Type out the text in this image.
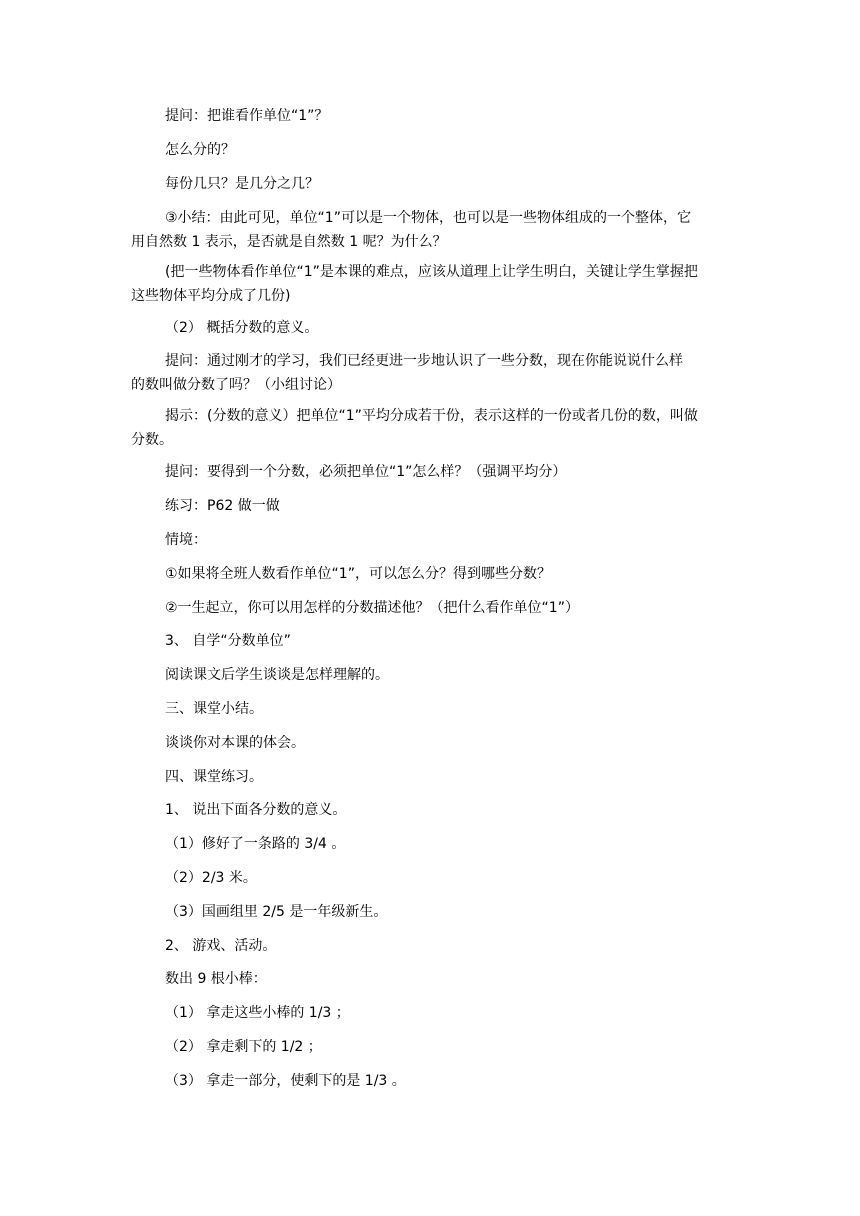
提问：把谁看作单位“1”？

怎么分的？

每份几只？是几分之几？

③小结：由此可见，单位“1”可以是一个物体，也可以是一些物体组成的一个整体，它
用自然数 1 表示，是否就是自然数 1 呢？为什么？

(把一些物体看作单位“1”是本课的难点，应该从道理上让学生明白，关键让学生掌握把
这些物体平均分成了几份)

（2） 概括分数的意义。

提问：通过刚才的学习，我们已经更进一步地认识了一些分数，现在你能说说什么样
的数叫做分数了吗？（小组讨论）

揭示：(分数的意义）把单位“1”平均分成若干份，表示这样的一份或者几份的数，叫做
分数。

提问：要得到一个分数，必须把单位“1”怎么样？（强调平均分）

练习：P62 做一做

情境：

①如果将全班人数看作单位“1”，可以怎么分？得到哪些分数？

②一生起立，你可以用怎样的分数描述他？（把什么看作单位“1”）

3、 自学“分数单位”

阅读课文后学生谈谈是怎样理解的。

三、课堂小结。

谈谈你对本课的体会。

四、课堂练习。

1、 说出下面各分数的意义。

（1）修好了一条路的 3/4 。

（2）2/3 米。

（3）国画组里 2/5 是一年级新生。

2、 游戏、活动。

数出 9 根小棒：

（1） 拿走这些小棒的 1/3 ；

（2） 拿走剩下的 1/2 ；

（3） 拿走一部分，使剩下的是 1/3 。
